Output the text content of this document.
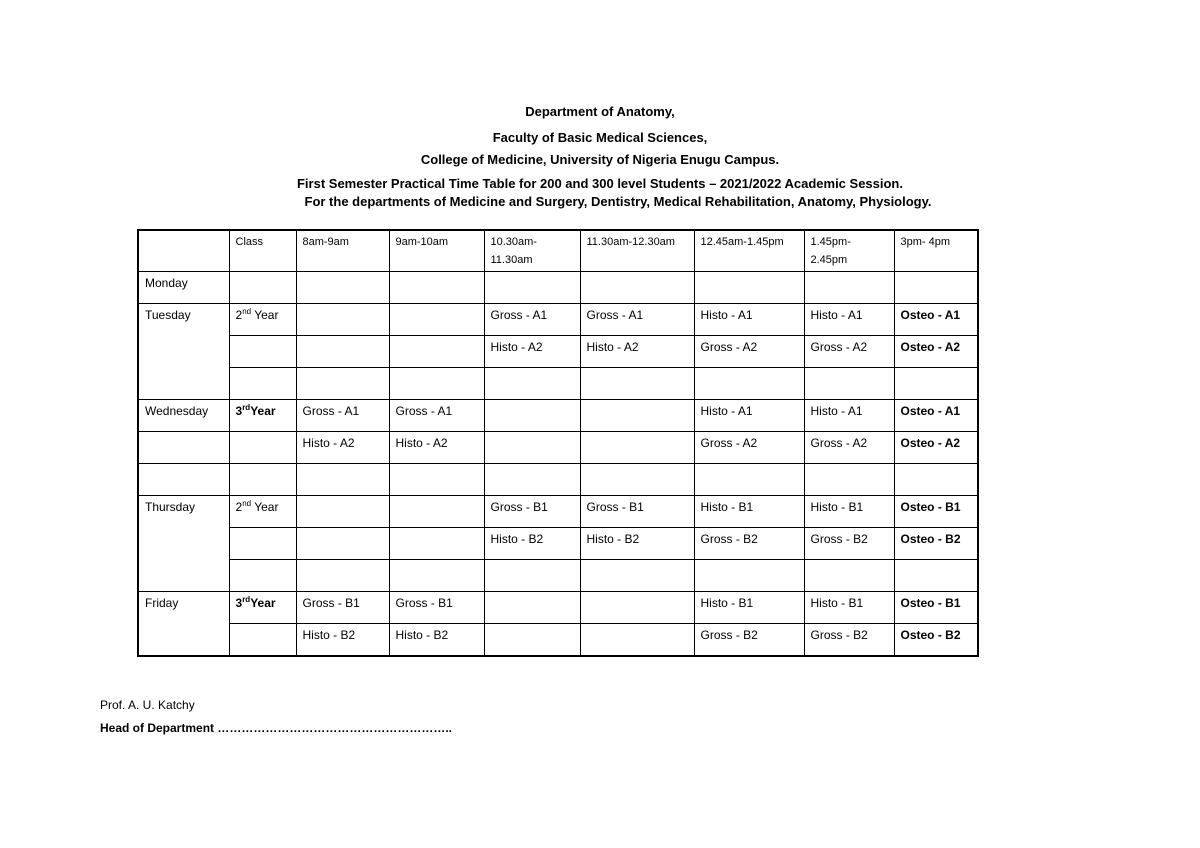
Department of Anatomy,
Faculty of Basic Medical Sciences,
College of Medicine, University of Nigeria Enugu Campus.
First Semester Practical Time Table for 200 and 300 level Students – 2021/2022 Academic Session.
For the departments of Medicine and Surgery, Dentistry, Medical Rehabilitation, Anatomy, Physiology.
	Class	8am-9am	9am-10am	10.30am-11.30am	11.30am-12.30am	12.45am-1.45pm	1.45pm-2.45pm	3pm- 4pm
Monday								
Tuesday	2nd Year			Gross - A1	Gross - A1	Histo - A1	Histo - A1	Osteo - A1
				Histo - A2	Histo - A2	Gross - A2	Gross - A2	Osteo - A2

Wednesday	3rdYear	Gross - A1	Gross - A1			Histo - A1	Histo - A1	Osteo - A1
		Histo - A2	Histo - A2			Gross - A2	Gross - A2	Osteo - A2

Thursday	2nd Year			Gross - B1	Gross - B1	Histo - B1	Histo - B1	Osteo - B1
				Histo - B2	Histo - B2	Gross - B2	Gross - B2	Osteo - B2

Friday	3rdYear	Gross - B1	Gross - B1			Histo - B1	Histo - B1	Osteo - B1
		Histo - B2	Histo - B2			Gross - B2	Gross - B2	Osteo - B2
Prof. A. U. Katchy
Head of Department …………………………………………………..
